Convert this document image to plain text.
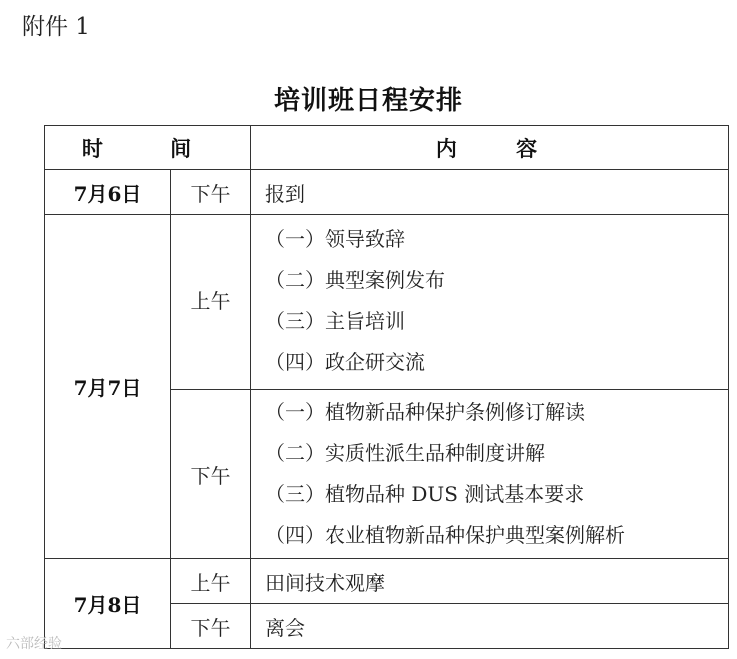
附件 1
培训班日程安排
时 间		内 容
7月6日	下午	报到
7月7日	上午	（一）领导致辞
（二）典型案例发布
（三）主旨培训
（四）政企研交流

	下午	（一）植物新品种保护条例修订解读
（二）实质性派生品种制度讲解
（三）植物品种 DUS 测试基本要求
（四）农业植物新品种保护典型案例解析

7月8日	上午	田间技术观摩
	下午	离会
六部经验
